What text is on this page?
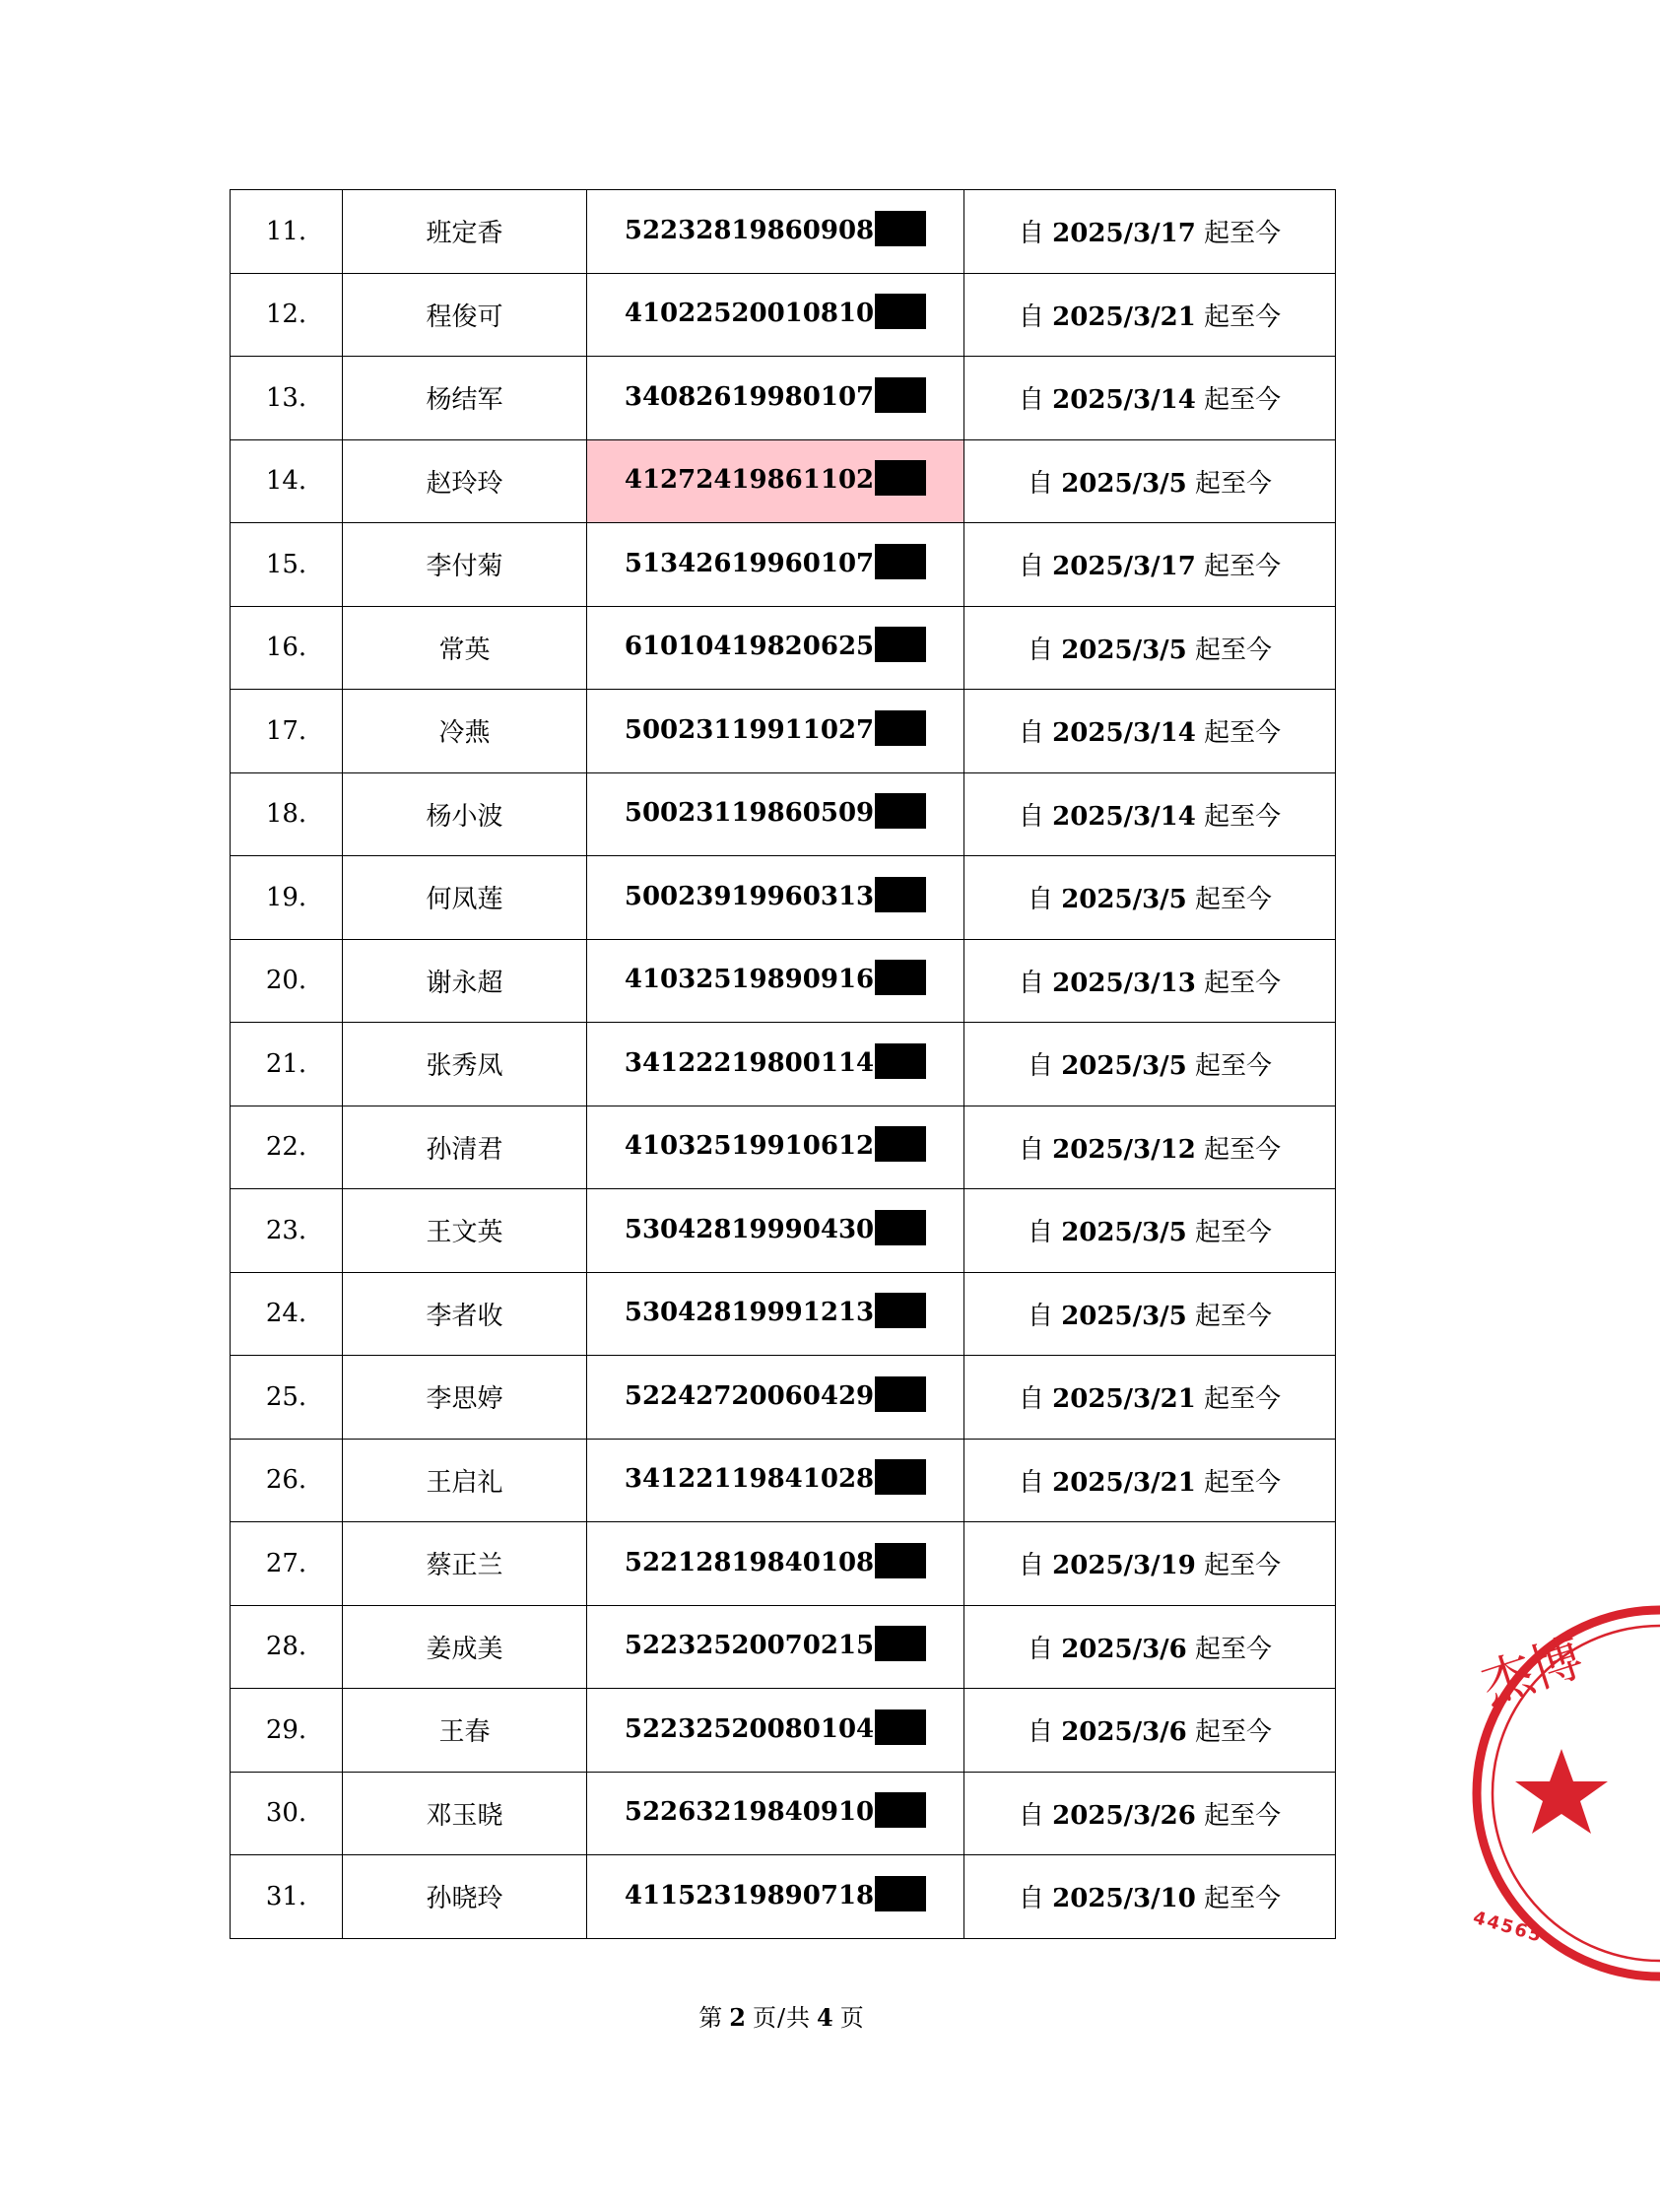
11.	班定香	52232819860908	自 2025/3/17 起至今
12.	程俊可	41022520010810	自 2025/3/21 起至今
13.	杨结军	34082619980107	自 2025/3/14 起至今
14.	赵玲玲	41272419861102	自 2025/3/5 起至今
15.	李付菊	51342619960107	自 2025/3/17 起至今
16.	常英	61010419820625	自 2025/3/5 起至今
17.	冷燕	50023119911027	自 2025/3/14 起至今
18.	杨小波	50023119860509	自 2025/3/14 起至今
19.	何凤莲	50023919960313	自 2025/3/5 起至今
20.	谢永超	41032519890916	自 2025/3/13 起至今
21.	张秀凤	34122219800114	自 2025/3/5 起至今
22.	孙清君	41032519910612	自 2025/3/12 起至今
23.	王文英	53042819990430	自 2025/3/5 起至今
24.	李者收	53042819991213	自 2025/3/5 起至今
25.	李思婷	52242720060429	自 2025/3/21 起至今
26.	王启礼	34122119841028	自 2025/3/21 起至今
27.	蔡正兰	52212819840108	自 2025/3/19 起至今
28.	姜成美	52232520070215	自 2025/3/6 起至今
29.	王春	52232520080104	自 2025/3/6 起至今
30.	邓玉晓	52263219840910	自 2025/3/26 起至今
31.	孙晓玲	41152319890718	自 2025/3/10 起至今
第 2 页/共 4 页
杰博
44565
